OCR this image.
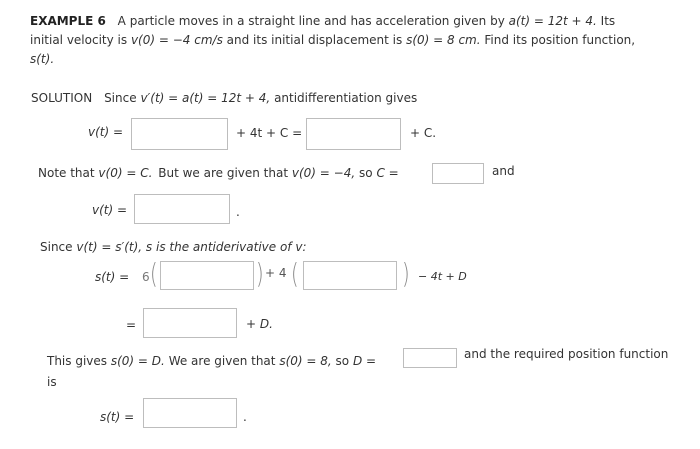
EXAMPLE 6 A particle moves in a straight line and has acceleration given by a(t) = 12t + 4. Its
initial velocity is v(0) = −4 cm/s and its initial displacement is s(0) = 8 cm. Find its position function,
s(t).
SOLUTION Since v′(t) = a(t) = 12t + 4, antidifferentiation gives
v(t) =	+ 4t + C =	+ C.
Note that v(0) = C. But we are given that v(0) = −4, so C =	and
v(t) =	.
Since v(t) = s′(t), s is the antiderivative of v:
s(t) = 6 (	) + 4 (	) − 4t + D
=	+ D.
This gives s(0) = D. We are given that s(0) = 8, so D =	and the required position function
is
s(t) =	.
